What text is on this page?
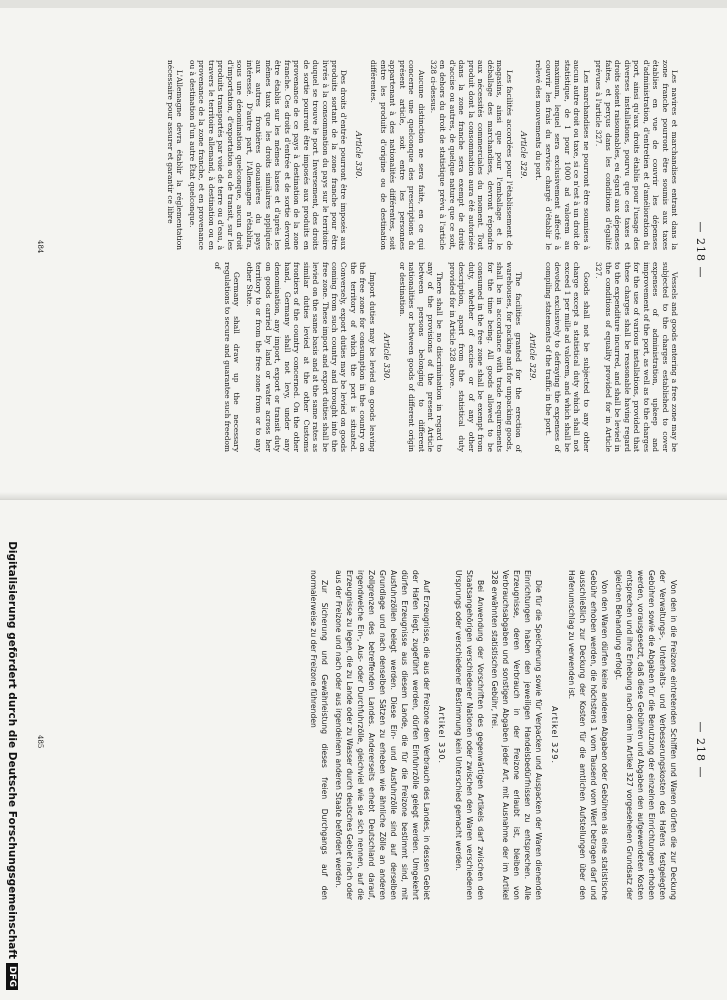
— 218 —

Les navires et marchandises entrant dans la zone franche pourront être soumis aux taxes établies en vue de couvrir les dépenses d'administration, d'entretien et d'amélioration du port, ainsi qu'aux droits établis pour l'usage des diverses installations, pourvu que ces taxes et droits soient raisonnables, eu égard aux dépenses faites, et perçus dans les conditions d'égalité prévues à l'article 327.

Les marchandises ne pourront être soumises à aucun autre droit ou taxe, si ce n'est à un droit de statistique, de 1 pour 1000 ad valorem au maximum, lequel sera exclusivement affecté à couvrir les frais du service chargé d'établir le relevé des mouvements du port.

Article 329.

Les facilités accordées pour l'établissement de magasins, ainsi que pour l'emballage et le déballage des marchandises, devront répondre aux nécessités commerciales du moment. Tout produit dont la consommation aura été autorisée dans la zone franche sera exempt de droits d'accise ou autres, de quelque nature que ce soit, en dehors du droit de statistique prévu à l'article 328 ci-dessus.

Aucune distinction ne sera faite, en ce qui concerne une quelconque des prescriptions du présent article, soit entre les personnes appartenant à des nationalités différentes, soit entre les produits d'origine ou de destination différentes.

Article 330.

Des droits d'entrée pourront être imposés aux produits sortant de la zone franche pour être livrés à la consommation du pays sur le territoire duquel se trouve le port. Inversement, des droits de sortie pourront être imposés aux produits en provenance de ce pays à destination de la zone franche. Ces droits d'entrée et de sortie devront être établis sur les mêmes bases et d'après les mêmes taux que les droits similaires appliqués aux autres frontières douanières du pays intéressé. D'autre part, l'Allemagne n'établira, sous une dénomination quelconque, aucun droit d'importation, d'exportation ou de transit, sur les produits transportés par voie de terre ou d'eau, à travers le territoire allemand, à destination ou en provenance de la zone franche, et en provenance ou à destination d'un autre État quelconque.

L'Allemagne devra établir la réglementation nécessaire pour assurer et garantir ce libre

Vessels and goods entering a free zone may be subjected to the charges established to cover expenses of administration, upkeep and improvement of the port, as well as to the charges for the use of various installations, provided that these charges shall be reasonable having regard to the expenditure incurred, and shall be levied in the conditions of equality provided for in Article 327.

Goods shall not be subjected to any other charge except a statistical duty which shall not exceed 1 per mille ad valorem, and which shall be devoted exclusively to defraying the expenses of compiling statements of the traffic in the port.

Article 329.

The facilities granted for the erection of warehouses, for packing and for unpacking goods, shall be in accordance with trade requirements for the time being. All goods allowed to be consumed in the free zone shall be exempt from duty, whether of excise or of any other description, apart from the statistical duty provided for in Article 328 above.

There shall be no discrimination in regard to any of the provisions of the present Article between persons belonging to different nationalities or between goods of different origin or destination.

Article 330.

Import duties may be levied on goods leaving the free zone for consumption in the country on the territory of which the port is situated. Conversely, export duties may be levied on goods coming from such country and brought into the free zone. These import and export duties shall be levied on the same basis and at the same rates as similar duties levied at the other Customs frontiers of the country concerned. On the other hand, Germany shall not levy, under any denomination, any import, export or transit duty on goods carried by land or water across her territory to or from the free zone from or to any other State.

Germany shall draw up the necessary regulations to secure and guarantee such freedom of

484
— 218 —

Von den in die Freizone eintretenden Schiffen und Waren dürfen die zur Deckung der Verwaltungs-, Unterhalts- und Verbesserungskosten des Hafens festgelegten Gebühren sowie die Abgaben für die Benutzung der einzelnen Einrichtungen erhoben werden, vorausgesetzt, daß diese Gebühren und Abgaben den aufgewendeten Kosten entsprechen und ihre Erhebung nach dem im Artikel 327 vorgesehenen Grundsatz der gleichen Behandlung erfolgt.

Von den Waren dürfen keine anderen Abgaben oder Gebühren als eine statistische Gebühr erhoben werden, die höchstens 1 vom Tausend vom Wert betragen darf und ausschließlich zur Deckung der Kosten für die amtlichen Aufstellungen über den Hafenumschlag zu verwenden ist.

Artikel 329.

Die für die Speicherung sowie für Verpacken und Auspacken der Waren dienenden Einrichtungen haben den jeweiligen Handelsbedürfnissen zu entsprechen. Alle Erzeugnisse, deren Verbrauch in der Freizone erlaubt ist, bleiben von Verbrauchsabgaben und sonstigen Abgaben jeder Art, mit Ausnahme der im Artikel 328 erwähnten statistischen Gebühr, frei.

Bei Anwendung der Vorschriften des gegenwärtigen Artikels darf zwischen den Staatsangehörigen verschiedener Nationen oder zwischen den Waren verschiedenen Ursprungs oder verschiedener Bestimmung kein Unterschied gemacht werden.

Artikel 330.

Auf Erzeugnisse, die aus der Freizone den Verbrauch des Landes, in dessen Gebiet der Hafen liegt, zugeführt werden, dürfen Einfuhrzölle gelegt werden. Umgekehrt dürfen Erzeugnisse aus diesem Lande, die für die Freizone bestimmt sind, mit Ausfuhrzöllen belegt werden. Diese Ein- und Ausfuhrzölle sind auf derselben Grundlage und nach denselben Sätzen zu erheben wie ähnliche Zölle an anderen Zollgrenzen des betreffenden Landes. Andererseits erhebt Deutschland darauf, irgendwelche Ein-, Aus- oder Durchfuhrzölle, gleichviel wie sie sich nennen, auf die Erzeugnisse zu legen, die zu Lande oder zu Wasser durch deutsches Gebiet nach oder aus der Freizone und nach oder aus irgendeinem anderen Staate befördert werden.

Zur Sicherung und Gewährleistung dieses freien Durchgangs auf den normalerweise zu der Freizone führenden

485
Digitalisierung gefördert durch die Deutsche ForschungsgemeinschaftDFG
